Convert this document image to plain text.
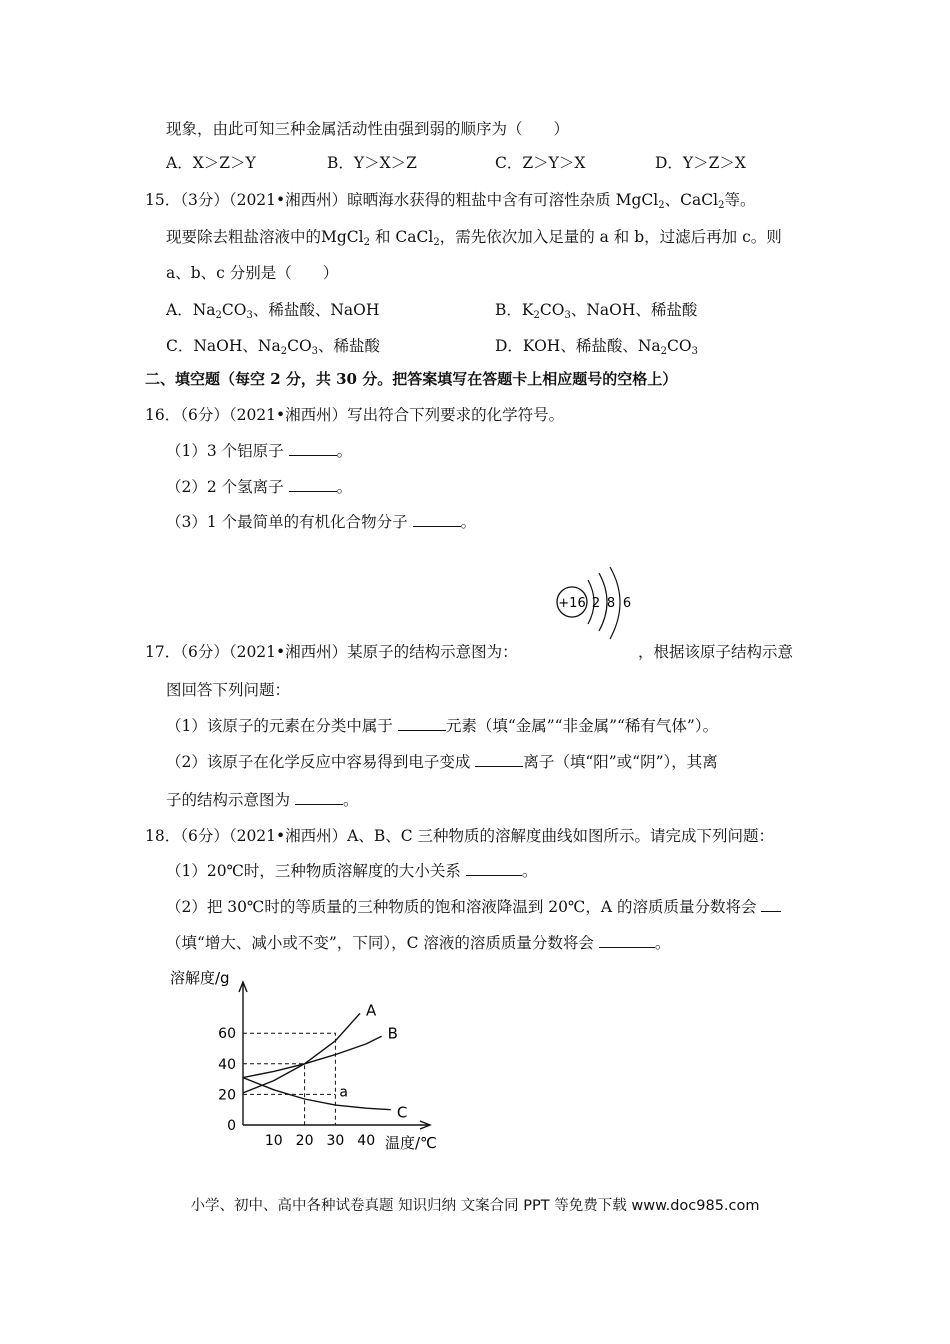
现象，由此可知三种金属活动性由强到弱的顺序为（　　）
A．X＞Z＞Y	B．Y＞X＞Z	C．Z＞Y＞X	D．Y＞Z＞X
15．（3分）（2021•湘西州）晾晒海水获得的粗盐中含有可溶性杂质 MgCl$_2$、CaCl$_2$等。
现要除去粗盐溶液中的MgCl$_2$ 和 CaCl$_2$，需先依次加入足量的 a 和 b，过滤后再加 c。则
a、b、c 分别是（　　）
A．$Na_2CO_3$、稀盐酸、NaOH	B．$K_2CO_3$、NaOH、稀盐酸
C．NaOH、$Na_2CO_3$、稀盐酸	D．KOH、稀盐酸、$Na_2CO_3$
二、填空题（每空 2 分，共 30 分。把答案填写在答题卡上相应题号的空格上）
16．（6分）（2021•湘西州）写出符合下列要求的化学符号。
（1）3 个铝原子	。
（2）2 个氢离子	。
（3）1 个最简单的有机化合物分子	。
+16 2 8 6
17．（6分）（2021•湘西州）某原子的结构示意图为：	，根据该原子结构示意
图回答下列问题：
（1）该原子的元素在分类中属于	元素（填“金属”“非金属”“稀有气体”）。
（2）该原子在化学反应中容易得到电子变成	离子（填“阳”或“阴”），其离
子的结构示意图为	。
18．（6分）（2021•湘西州）A、B、C 三种物质的溶解度曲线如图所示。请完成下列问题：
（1）20℃时，三种物质溶解度的大小关系	。
（2）把 30℃时的等质量的三种物质的饱和溶液降温到 20℃，A 的溶质质量分数将会
（填“增大、减小或不变”，下同），C 溶液的溶质质量分数将会	。
溶解度/g
温度/℃
10 20 30 40
0
20
40
60
A
B
C
a
小学、初中、高中各种试卷真题 知识归纳 文案合同 PPT 等免费下载 www.doc985.com
